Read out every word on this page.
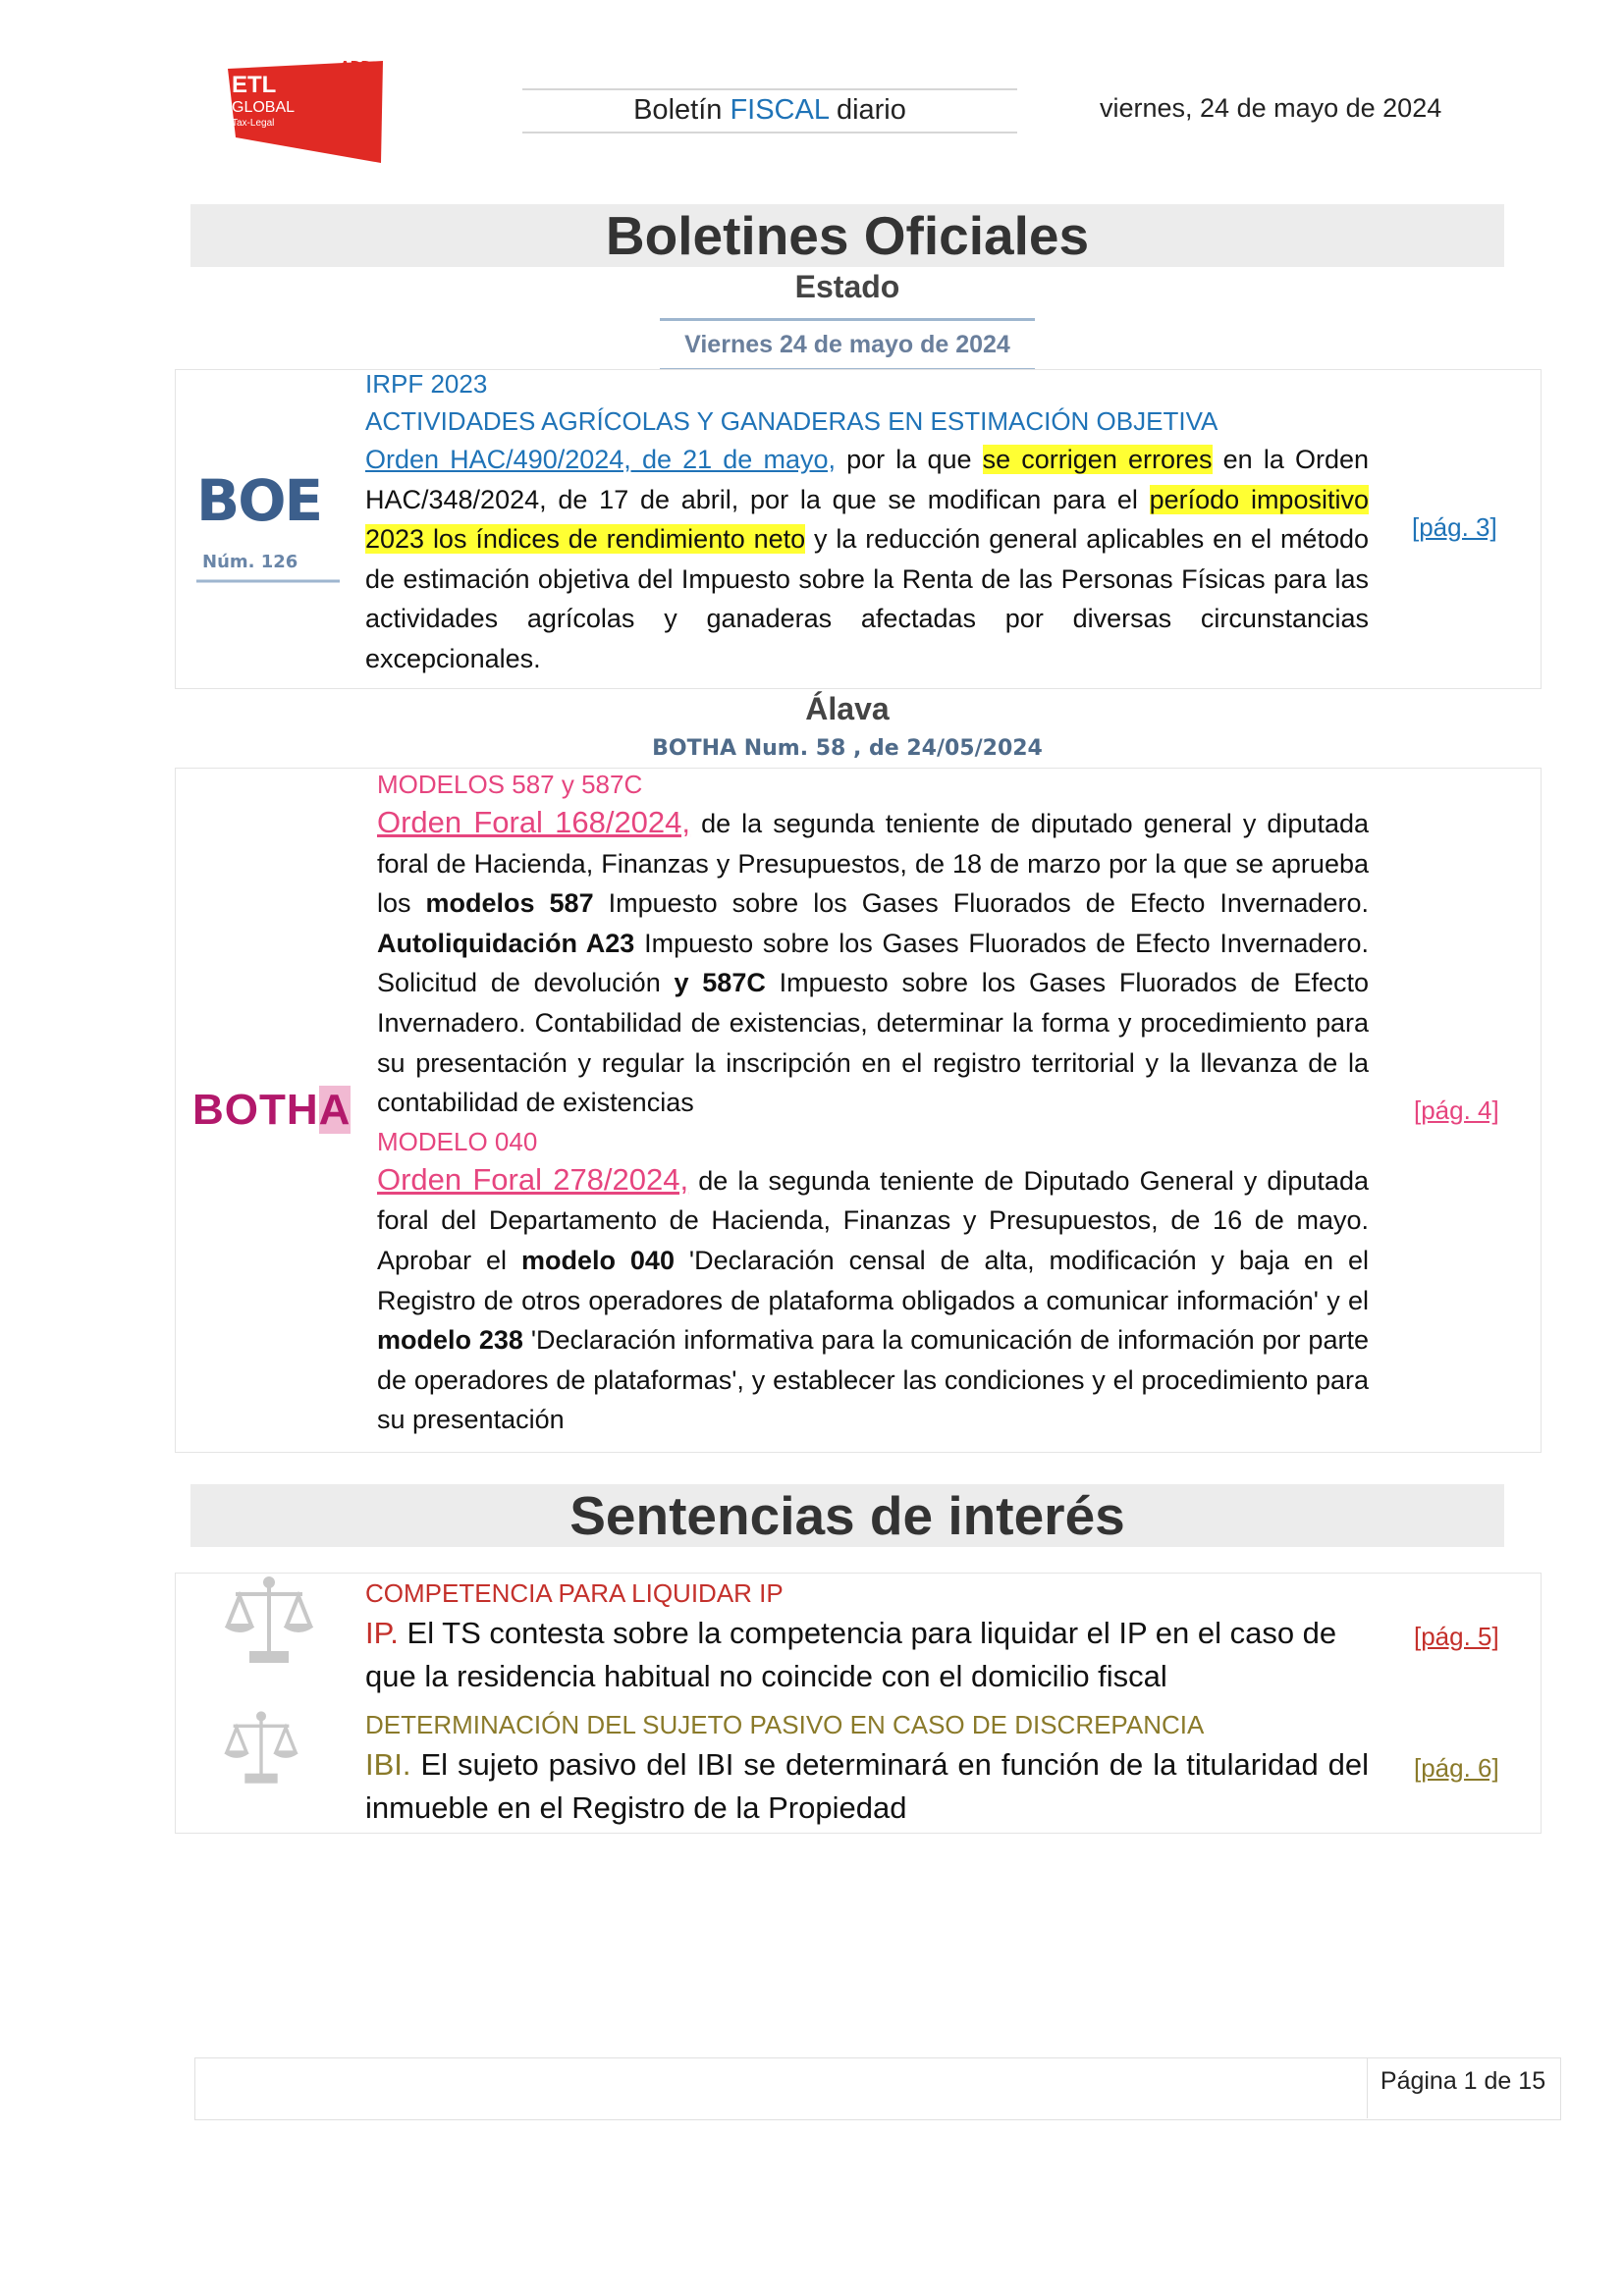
ETL
GLOBAL
Tax-Legal
ADD
Boletín FISCAL diario	viernes, 24 de mayo de 2024
Boletines Oficiales
Estado
Viernes 24 de mayo de 2024
BOE
Núm. 126
IRPF 2023
ACTIVIDADES AGRÍCOLAS Y GANADERAS EN ESTIMACIÓN OBJETIVA
Orden HAC/490/2024, de 21 de mayo, por la que se corrigen errores en la Orden HAC/348/2024, de 17 de abril, por la que se modifican para el período impositivo 2023 los índices de rendimiento neto y la reducción general aplicables en el método de estimación objetiva del Impuesto sobre la Renta de las Personas Físicas para las actividades agrícolas y ganaderas afectadas por diversas circunstancias excepcionales.
[pág. 3]
Álava
BOTHA Num. 58 , de 24/05/2024
BOTHA
MODELOS 587 y 587C
Orden Foral 168/2024, de la segunda teniente de diputado general y diputada foral de Hacienda, Finanzas y Presupuestos, de 18 de marzo por la que se aprueba los modelos 587 Impuesto sobre los Gases Fluorados de Efecto Invernadero. Autoliquidación A23 Impuesto sobre los Gases Fluorados de Efecto Invernadero. Solicitud de devolución y 587C Impuesto sobre los Gases Fluorados de Efecto Invernadero. Contabilidad de existencias, determinar la forma y procedimiento para su presentación y regular la inscripción en el registro territorial y la llevanza de la contabilidad de existencias
MODELO 040
Orden Foral 278/2024, de la segunda teniente de Diputado General y diputada foral del Departamento de Hacienda, Finanzas y Presupuestos, de 16 de mayo. Aprobar el modelo 040 'Declaración censal de alta, modificación y baja en el Registro de otros operadores de plataforma obligados a comunicar información' y el modelo 238 'Declaración informativa para la comunicación de información por parte de operadores de plataformas', y establecer las condiciones y el procedimiento para su presentación
[pág. 4]
Sentencias de interés
COMPETENCIA PARA LIQUIDAR IP
IP. El TS contesta sobre la competencia para liquidar el IP en el caso de que la residencia habitual no coincide con el domicilio fiscal
[pág. 5]
DETERMINACIÓN DEL SUJETO PASIVO EN CASO DE DISCREPANCIA
IBI. El sujeto pasivo del IBI se determinará en función de la titularidad del inmueble en el Registro de la Propiedad
[pág. 6]
Página 1 de 15
